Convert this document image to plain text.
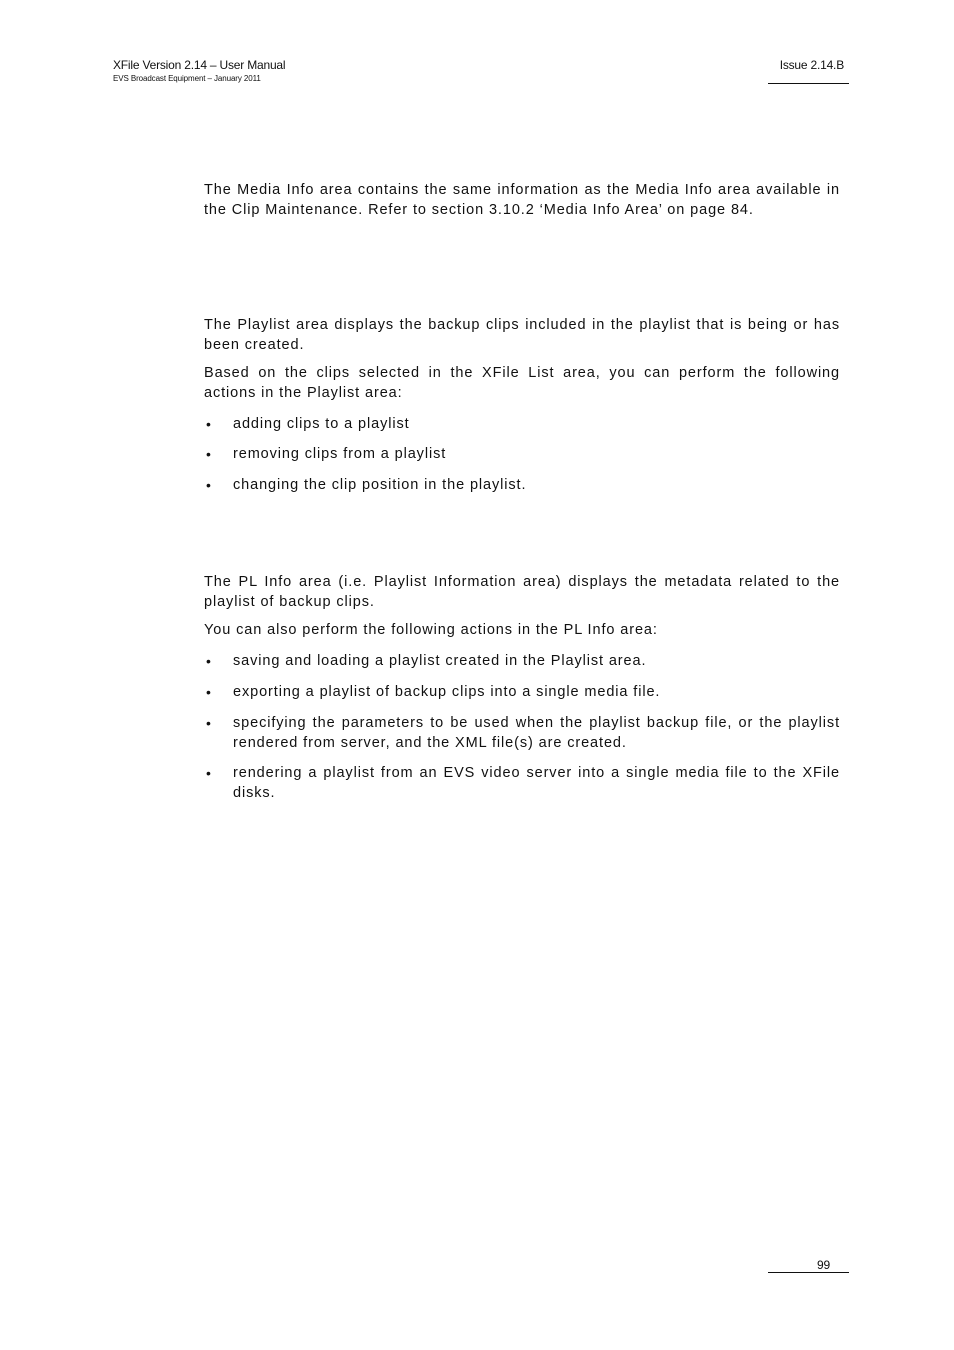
XFile Version 2.14 – User Manual
EVS Broadcast Equipment – January 2011
Issue 2.14.B

The Media Info area contains the same information as the Media Info area available in the Clip Maintenance. Refer to section 3.10.2 ‘Media Info Area’ on page 84.

The Playlist area displays the backup clips included in the playlist that is being or has been created.

Based on the clips selected in the XFile List area, you can perform the following actions in the Playlist area:

• adding clips to a playlist

• removing clips from a playlist

• changing the clip position in the playlist.

The PL Info area (i.e. Playlist Information area) displays the metadata related to the playlist of backup clips.

You can also perform the following actions in the PL Info area:

• saving and loading a playlist created in the Playlist area.

• exporting a playlist of backup clips into a single media file.

• specifying the parameters to be used when the playlist backup file, or the playlist rendered from server, and the XML file(s) are created.

• rendering a playlist from an EVS video server into a single media file to the XFile disks.

99
